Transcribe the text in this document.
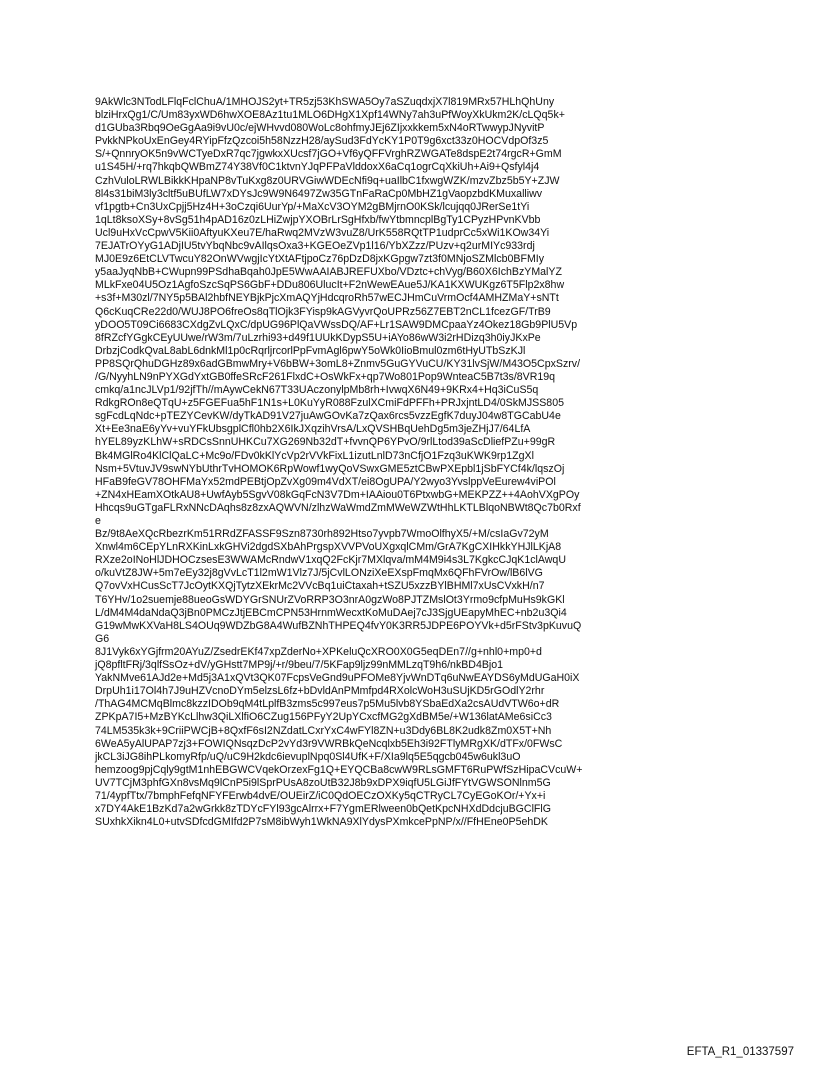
9AkWlc3NTodLFlqFclChuA/1MHOJS2yt+TR5zj53KhSWA5Oy7aSZuqdxjX7l819MRx57HLhQhUny
blziHrxQg1/C/Um83yxWD6hwXOE8Az1tu1MLO6DHgX1Xpf14WNy7ah3uPfWoyXkUkm2K/cLQq5k+
d1GUba3Rbq9OeGgAa9i9vU0c/ejWHvvd080WoLc8ohfmyJEj6ZIjxxkkem5xN4oRTwwypJNyvitP
PvkkNPkoUxEnGey4RYipFfzQzcoi5h58NzzH28/aySud3FdYcKY1P0T9g6xct33z0HOCVdpOf3z5
S/+QnnryOK5n9vWCTyeDxR7qc7jgwkxXUcsf7jGO+Vf6yQFFVrghRZWGATe8dspE2t74rgcR+GmM
u1S45H/+rq7hkqbQWBmZ74Y38Vf0C1ktvnYJqPFPaVlddoxX6aCq1ogrCqXkiUh+Ai9+Qsfyl4j4
CzhVuloLRWLBikkKHpaNP8vTuKxg8z0URVGiwWDEcNfi9q+uaIlbC1fxwgWZK/mzvZbz5b5Y+ZJW
8l4s31biM3ly3cltf5uBUfLW7xDYsJc9W9N6497Zw35GTnFaRaCp0MbHZ1gVaopzbdKMuxalliwv
vf1pgtb+Cn3UxCpjj5Hz4H+3oCzqi6UurYp/+MaXcV3OYM2gBMjrnO0KSk/lcujqq0JRerSe1tYi
1qLt8ksoXSy+8vSg51h4pAD16z0zLHiZwjpYXOBrLrSgHfxb/fwYtbmncplBgTy1CPyzHPvnKVbb
Ucl9uHxVcCpwV5Kii0AftyuKXeu7E/haRwq2MVzW3vuZ8/UrK558RQtTP1udprCc5xWi1KOw34Yi
7EJATrOYyG1ADjIU5tvYbqNbc9vAIlqsOxa3+KGEOeZVp1l16/YbXZzz/PUzv+q2urMIYc933rdj
MJ0E9z6EtCLVTwcuY82OnWVwgjIcYtXtAFtjpoCz76pDzD8jxKGpgw7zt3f0MNjoSZMlcb0BFMIy
y5aaJyqNbB+CWupn99PSdhaBqah0JpE5WwAAIABJREFUXbo/VDztc+chVyg/B60X6IchBzYMalYZ
MLkFxe04U5Oz1AgfoSzcSqPS6GbF+DDu806UlucIt+F2nWewEAue5J/KA1KXWUKgz6T5Flp2x8hw
+s3f+M30zl/7NY5p5BAl2hbfNEYBjkPjcXmAQYjHdcqroRh57wECJHmCuVrmOcf4AMHZMaY+sNTt
Q6cKuqCRe22d0/WUJ8PO6freOs8qTlOjk3FYisp9kAGVyvrQoUPRz56Z7EBT2nCL1fcezGF/TrB9
yDOO5T09Ci6683CXdgZvLQxC/dpUG96PlQaVWssDQ/AF+Lr1SAW9DMCpaaYz4Okez18Gb9PlU5Vp
8fRZcfYGgkCEyUUwe/rW3m/7uLzrhi93+d49f1UUkKDypS5U+iAYo86wW3i2rHDizq3h0iyJKxPe
DrbzjCodkQvaL8abL6dnkMl1p0cRqrljrcorlPpFvmAgl6pwY5oWk0IioBmul0zm6tHyUTbSzKJl
PP8SQrQhuDGHz89x6adGBmwMry+V6bBW+3omL8+Znmv5GuGYVuCU/KY31lvSjW/M43O5CpxSzrv/
/G/NyyhLN9nPYXGdYxtGB0ffeSRcF261FlxdC+OsWkFx+qp7Wo801Pop9WnteaC5B7t3s/8VR19q
cmkq/a1ncJLVp1/92jfTh//mAywCekN67T33UAczonylpMb8rh+IvwqX6N49+9KRx4+Hq3iCuS5q
RdkgROn8eQTqU+z5FGEFua5hF1N1s+L0KuYyR088FzulXCmiFdPFFh+PRJxjntLD4/0SkMJSS805
sgFcdLqNdc+pTEZYCevKW/dyTkAD91V27juAwGOvKa7zQax6rcs5vzzEgfK7duyJ04w8TGCabU4e
Xt+Ee3naE6yYv+vuYFkUbsgplCfl0hb2X6IkJXqzihVrsA/LxQVSHBqUehDg5m3jeZHjJ7/64LfA
hYEL89yzKLhW+sRDCsSnnUHKCu7XG269Nb32dT+fvvnQP6YPvO/9rlLtod39aScDliefPZu+99gR
Bk4MGlRo4KlClQaLC+Mc9o/FDv0kKlYcVp2rVVkFixL1izutLnlD73nCfjO1Fzq3uKWK9rp1ZgXl
Nsm+5VtuvJV9swNYbUthrTvHOMOK6RpWowf1wyQoVSwxGME5ztCBwPXEpbl1jSbFYCf4k/lqszOj
HFaB9feGV78OHFMaYx52mdPEBtjOpZvXg09m4VdXT/ei8OgUPA/Y2wyo3YvslppVeEurew4viPOl
+ZN4xHEamXOtkAU8+UwfAyb5SgvV08kGqFcN3V7Dm+IAAiou0T6PtxwbG+MEKPZZ++4AohVXgPOy
Hhcqs9uGTgaFLRxNNcDAqhs8z8zxAQWVN/zlhzWaWmdZmMWeWZWtHhLKTLBlqoNBWt8Qc7b0Rxf
e
Bz/9t8AeXQcRbezrKm51RRdZFASSF9Szn8730rh892Htso7yvpb7WmoOlfhyX5/+M/csIaGv72yM
Xnwl4m6CEpYLnRXKinLxkGHVi2dgdSXbAhPrgspXVVPVoUXgxqlCMm/GrA7KgCXIHkkYHJlLKjA8
RXze2oINoHlJDHOCzsesE3WWAMcRndwV1xqQ2FcKjr7MXlqva/mM4M9i4s3L7KgkcCJqK1clAwqU
o/kuVtZ8JW+5m7eEy32j8gVvLcT1l2mW1Vlz7J/5jCvlLONziXeEXspFmqMx6QFhFVrOw/lB6lVG
Q7ovVxHCusScT7JcOytKXQjTytzXEkrMc2VVcBq1uiCtaxah+tSZU5xzzBYlBHMl7xUsCVxkH/n7
T6YHv/1o2suemje88ueoGsWDYGrSNUrZVoRRP3O3nrA0gzWo8PJTZMslOt3Yrmo9cfpMuHs9kGKl
L/dM4M4daNdaQ3jBn0PMCzJtjEBCmCPN53HrnmWecxtKoMuDAej7cJ3SjgUEapyMhEC+nb2u3Qi4
G19wMwKXVaH8LS4OUq9WDZbG8A4WufBZNhTHPEQ4fvY0K3RR5JDPE6POYVk+d5rFStv3pKuvuQ
G6
8J1Vyk6xYGjfrm20AYuZ/ZsedrEKf47xpZderNo+XPKeluQcXRO0X0G5eqDEn7//g+nhl0+mp0+d
jQ8pfltFRj/3qlfSsOz+dV/yGHstt7MP9j/+r/9beu/7/5KFap9ljz99nMMLzqT9h6/nkBD4Bjo1
YakNMve61AJd2e+Md5j3A1xQVt3QK07FcpsVeGnd9uPFOMe8YjvWnDTq6uNwEAYDS6yMdUGaH0iX
DrpUh1i17Ol4h7J9uHZVcnoDYm5elzsL6fz+bDvldAnPMmfpd4RXolcWoH3uSUjKD5rGOdlY2rhr
/ThAG4MCMqBlmc8kzzIDOb9qM4tLplfB3zms5c997eus7p5Mu5lvb8YSbaEdXa2csAUdVTW6o+dR
ZPKpA7I5+MzBYKcLlhw3QiLXlfiO6CZug156PFyY2UpYCxcfMG2gXdBM5e/+W136latAMe6siCc3
74LM535k3k+9CriiPWCjB+8QxfF6sI2NZdatLCxrYxC4wFYl8ZN+u3Ddy6BL8K2udk8Zm0X5T+Nh
6WeA5yAlUPAP7zj3+FOWIQNsqzDcP2vYd3r9VWRBkQeNcqlxb5Eh3i92FTlyMRgXK/dTFx/0FWsC
jkCL3iJG8ihPLkomyRfp/uQ/uC9H2kdc6ievuplNpq0Sl4UfK+F/XIa9lq5E5qgcb045w6ukl3uO
hemzoog9pjCqly9gtM1nhEBGWCVqekOrzexFg1Q+EYQCBa8cwW9RLsGMFT6RuPWfSzHipaCVcuW+
UV7TCjM3phfGXn8vsMq9lCnP5i9lSprPUsA8zoUtB32J8b9xDPX9iqfU5LGiJfFYtVGWSONlnm5G
71/4ypfTtx/7bmphFefqNFYFErwb4dvE/OUEirZ/iC0QdOECzOXKy5qCTRyCL7CyEGoKOr/+Yx+i
x7DY4AkE1BzKd7a2wGrkk8zTDYcFYl93gcAlrrx+F7YgmERlween0bQetKpcNHXdDdcjuBGClFlG
SUxhkXikn4L0+utvSDfcdGMIfd2P7sM8ibWyh1WkNA9XlYdysPXmkcePpNP/x//FfHEne0P5ehDK
EFTA_R1_01337597
